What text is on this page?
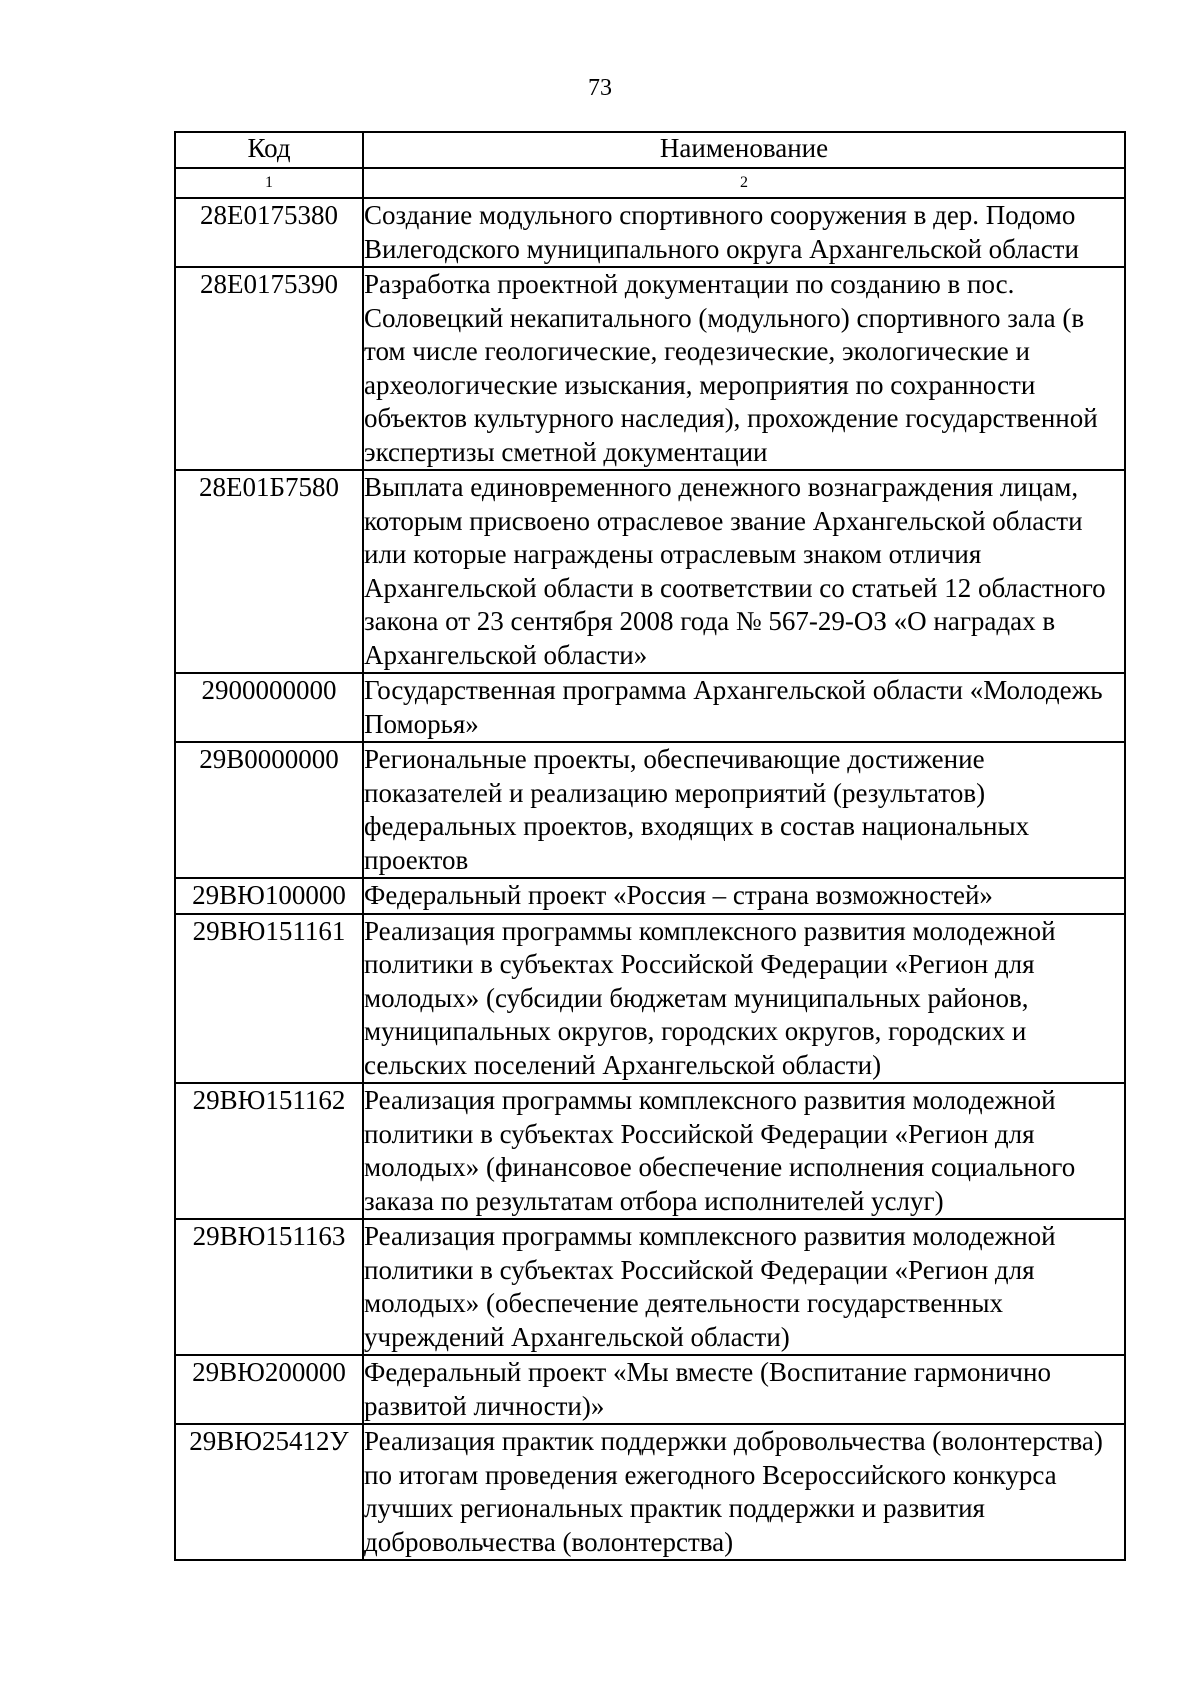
73
Код	Наименование
1	2
28Е0175380	Создание модульного спортивного сооружения в дер. Подомо Вилегодского муниципального округа Архангельской области
28Е0175390	Разработка проектной документации по созданию в пос. Соловецкий некапитального (модульного) спортивного зала (в том числе геологические, геодезические, экологические и археологические изыскания, мероприятия по сохранности объектов культурного наследия), прохождение государственной экспертизы сметной документации
28Е01Б7580	Выплата единовременного денежного вознаграждения лицам, которым присвоено отраслевое звание Архангельской области или которые награждены отраслевым знаком отличия Архангельской области в соответствии со статьей 12 областного закона от 23 сентября 2008 года № 567-29-ОЗ «О наградах в Архангельской области»
2900000000	Государственная программа Архангельской области «Молодежь Поморья»
29В0000000	Региональные проекты, обеспечивающие достижение показателей и реализацию мероприятий (результатов) федеральных проектов, входящих в состав национальных проектов
29ВЮ100000	Федеральный проект «Россия – страна возможностей»
29ВЮ151161	Реализация программы комплексного развития молодежной политики в субъектах Российской Федерации «Регион для молодых» (субсидии бюджетам муниципальных районов, муниципальных округов, городских округов, городских и сельских поселений Архангельской области)
29ВЮ151162	Реализация программы комплексного развития молодежной политики в субъектах Российской Федерации «Регион для молодых» (финансовое обеспечение исполнения социального заказа по результатам отбора исполнителей услуг)
29ВЮ151163	Реализация программы комплексного развития молодежной политики в субъектах Российской Федерации «Регион для молодых» (обеспечение деятельности государственных учреждений Архангельской области)
29ВЮ200000	Федеральный проект «Мы вместе (Воспитание гармонично развитой личности)»
29ВЮ25412У	Реализация практик поддержки добровольчества (волонтерства) по итогам проведения ежегодного Всероссийского конкурса лучших региональных практик поддержки и развития добровольчества (волонтерства)
